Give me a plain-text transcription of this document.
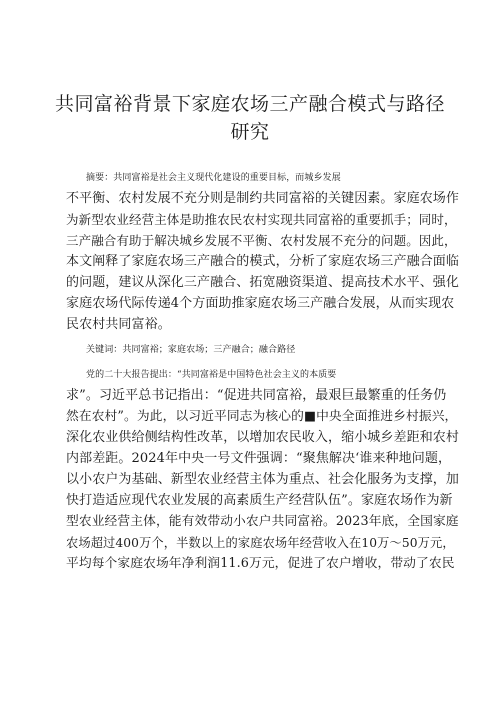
共同富裕背景下家庭农场三产融合模式与路径
研究
摘要：共同富裕是社会主义现代化建设的重要目标，而城乡发展
不平衡、农村发展不充分则是制约共同富裕的关键因素。家庭农场作
为新型农业经营主体是助推农民农村实现共同富裕的重要抓手；同时，
三产融合有助于解决城乡发展不平衡、农村发展不充分的问题。因此，
本文阐释了家庭农场三产融合的模式，分析了家庭农场三产融合面临
的问题，建议从深化三产融合、拓宽融资渠道、提高技术水平、强化
家庭农场代际传递4个方面助推家庭农场三产融合发展，从而实现农
民农村共同富裕。
关键词：共同富裕；家庭农场；三产融合；融合路径
党的二十大报告提出：“共同富裕是中国特色社会主义的本质要
求”。习近平总书记指出：“促进共同富裕，最艰巨最繁重的任务仍
然在农村”。为此，以习近平同志为核心的■中央全面推进乡村振兴，
深化农业供给侧结构性改革，以增加农民收入，缩小城乡差距和农村
内部差距。2024年中央一号文件强调：“聚焦解决‘谁来种地问题，
以小农户为基础、新型农业经营主体为重点、社会化服务为支撑，加
快打造适应现代农业发展的高素质生产经营队伍”。家庭农场作为新
型农业经营主体，能有效带动小农户共同富裕。2023年底，全国家庭
农场超过400万个，半数以上的家庭农场年经营收入在10万～50万元，
平均每个家庭农场年净利润11.6万元，促进了农户增收，带动了农民
